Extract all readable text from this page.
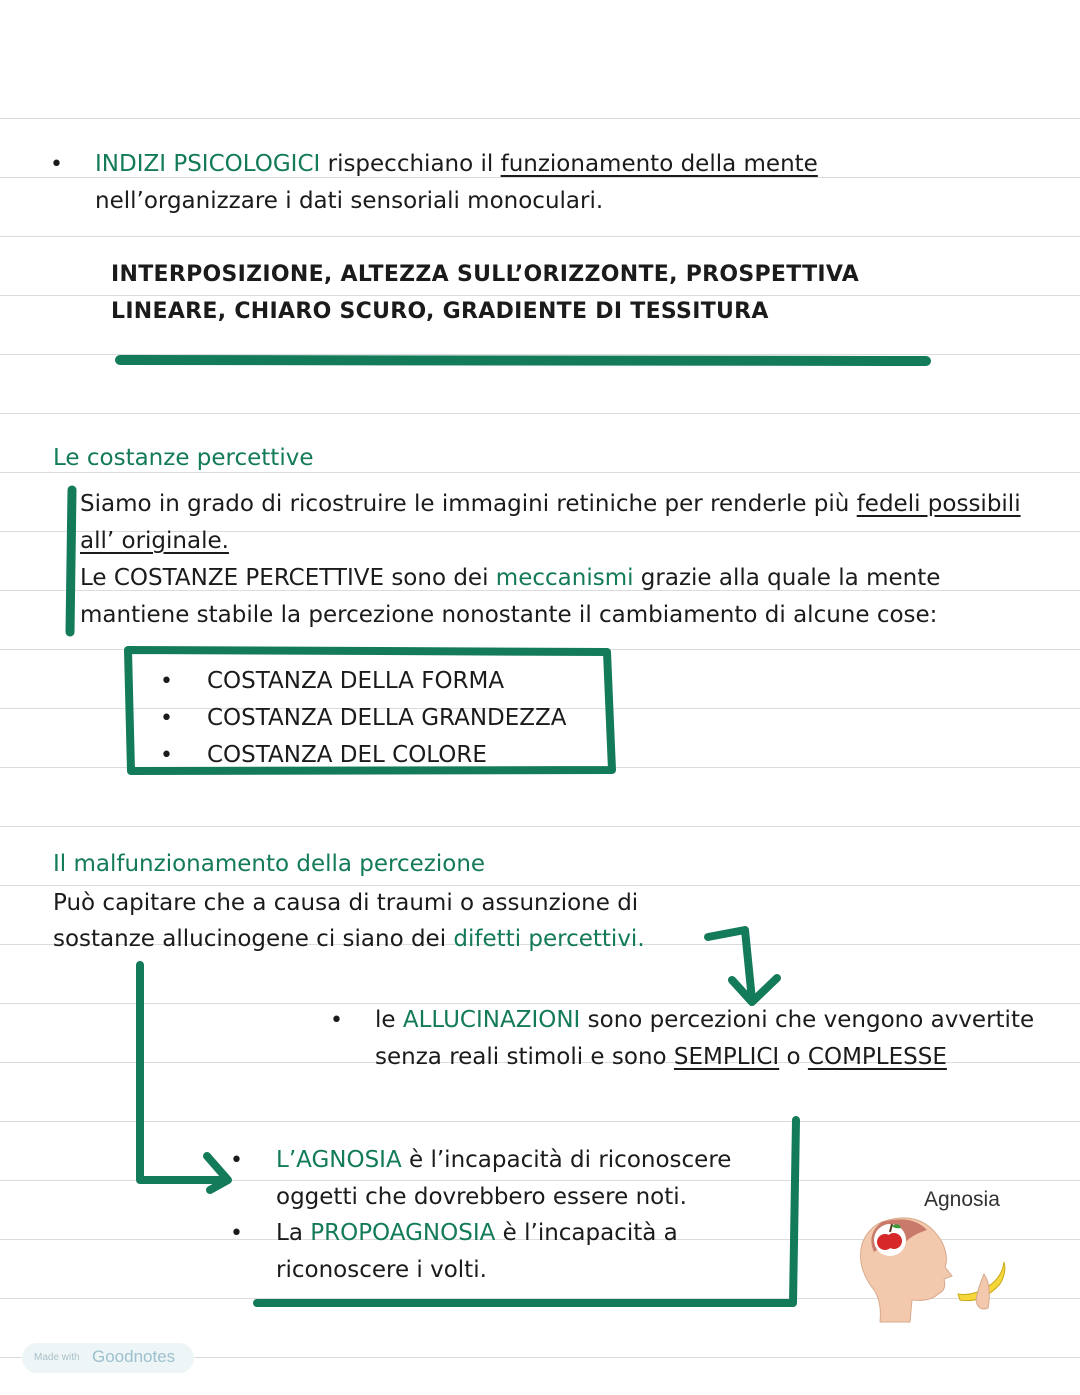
• INDIZI PSICOLOGICI rispecchiano il funzionamento della mente
nell’organizzare i dati sensoriali monoculari.
INTERPOSIZIONE, ALTEZZA SULL’ORIZZONTE, PROSPETTIVA
LINEARE, CHIARO SCURO, GRADIENTE DI TESSITURA
Le costanze percettive
Siamo in grado di ricostruire le immagini retiniche per renderle più fedeli possibili
all’ originale.
Le COSTANZE PERCETTIVE sono dei meccanismi grazie alla quale la mente
mantiene stabile la percezione nonostante il cambiamento di alcune cose:
• COSTANZA DELLA FORMA
• COSTANZA DELLA GRANDEZZA
• COSTANZA DEL COLORE
Il malfunzionamento della percezione
Può capitare che a causa di traumi o assunzione di
sostanze allucinogene ci siano dei difetti percettivi.
• le ALLUCINAZIONI sono percezioni che vengono avvertite
senza reali stimoli e sono SEMPLICI o COMPLESSE
• L’AGNOSIA è l’incapacità di riconoscere
oggetti che dovrebbero essere noti.
• La PROPOAGNOSIA è l’incapacità a
riconoscere i volti.
Agnosia
Made with Goodnotes
